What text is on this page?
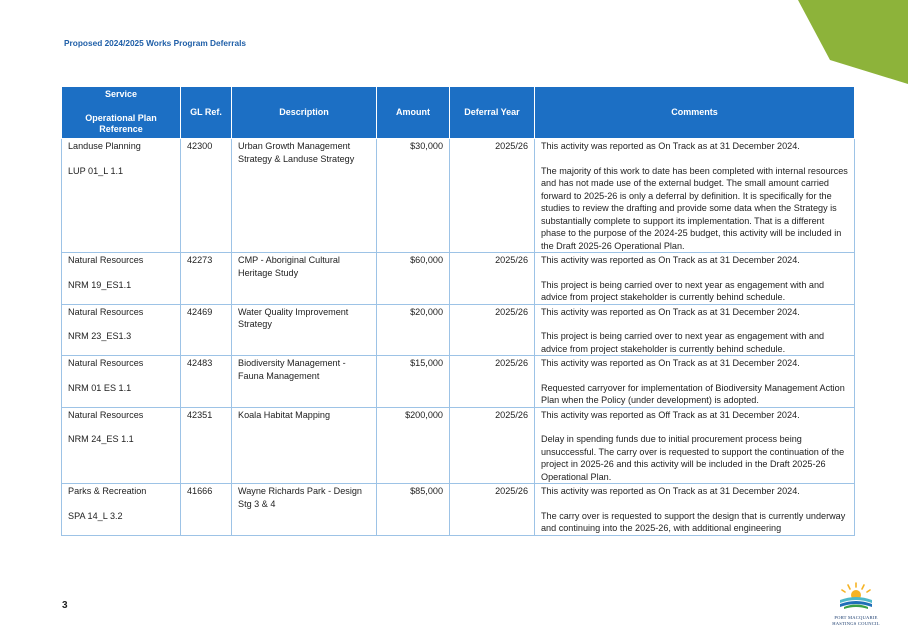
Proposed 2024/2025 Works Program Deferrals
Service
Operational Plan Reference	GL Ref.	Description	Amount	Deferral Year	Comments
Landuse Planning
LUP 01_L 1.1	42300	Urban Growth Management Strategy & Landuse Strategy	$30,000	2025/26	This activity was reported as On Track as at 31 December 2024.
The majority of this work to date has been completed with internal resources and has not made use of the external budget. The small amount carried forward to 2025-26 is only a deferral by definition. It is specifically for the studies to review the drafting and provide some data when the Strategy is substantially complete to support its implementation. That is a different phase to the purpose of the 2024-25 budget, this activity will be included in the Draft 2025-26 Operational Plan.
Natural Resources
NRM 19_ES1.1	42273	CMP - Aboriginal Cultural Heritage Study	$60,000	2025/26	This activity was reported as On Track as at 31 December 2024.
This project is being carried over to next year as engagement with and advice from project stakeholder is currently behind schedule.
Natural Resources
NRM 23_ES1.3	42469	Water Quality Improvement Strategy	$20,000	2025/26	This activity was reported as On Track as at 31 December 2024.
This project is being carried over to next year as engagement with and advice from project stakeholder is currently behind schedule.
Natural Resources
NRM 01 ES 1.1	42483	Biodiversity Management - Fauna Management	$15,000	2025/26	This activity was reported as On Track as at 31 December 2024.
Requested carryover for implementation of Biodiversity Management Action Plan when the Policy (under development) is adopted.
Natural Resources
NRM 24_ES 1.1	42351	Koala Habitat Mapping	$200,000	2025/26	This activity was reported as Off Track as at 31 December 2024.
Delay in spending funds due to initial procurement process being unsuccessful. The carry over is requested to support the continuation of the project in 2025-26 and this activity will be included in the Draft 2025-26 Operational Plan.
Parks & Recreation
SPA 14_L 3.2	41666	Wayne Richards Park - Design Stg 3 & 4	$85,000	2025/26	This activity was reported as On Track as at 31 December 2024.
The carry over is requested to support the design that is currently underway and continuing into the 2025-26, with additional engineering
3
PORT MACQUARIE
HASTINGS COUNCIL
